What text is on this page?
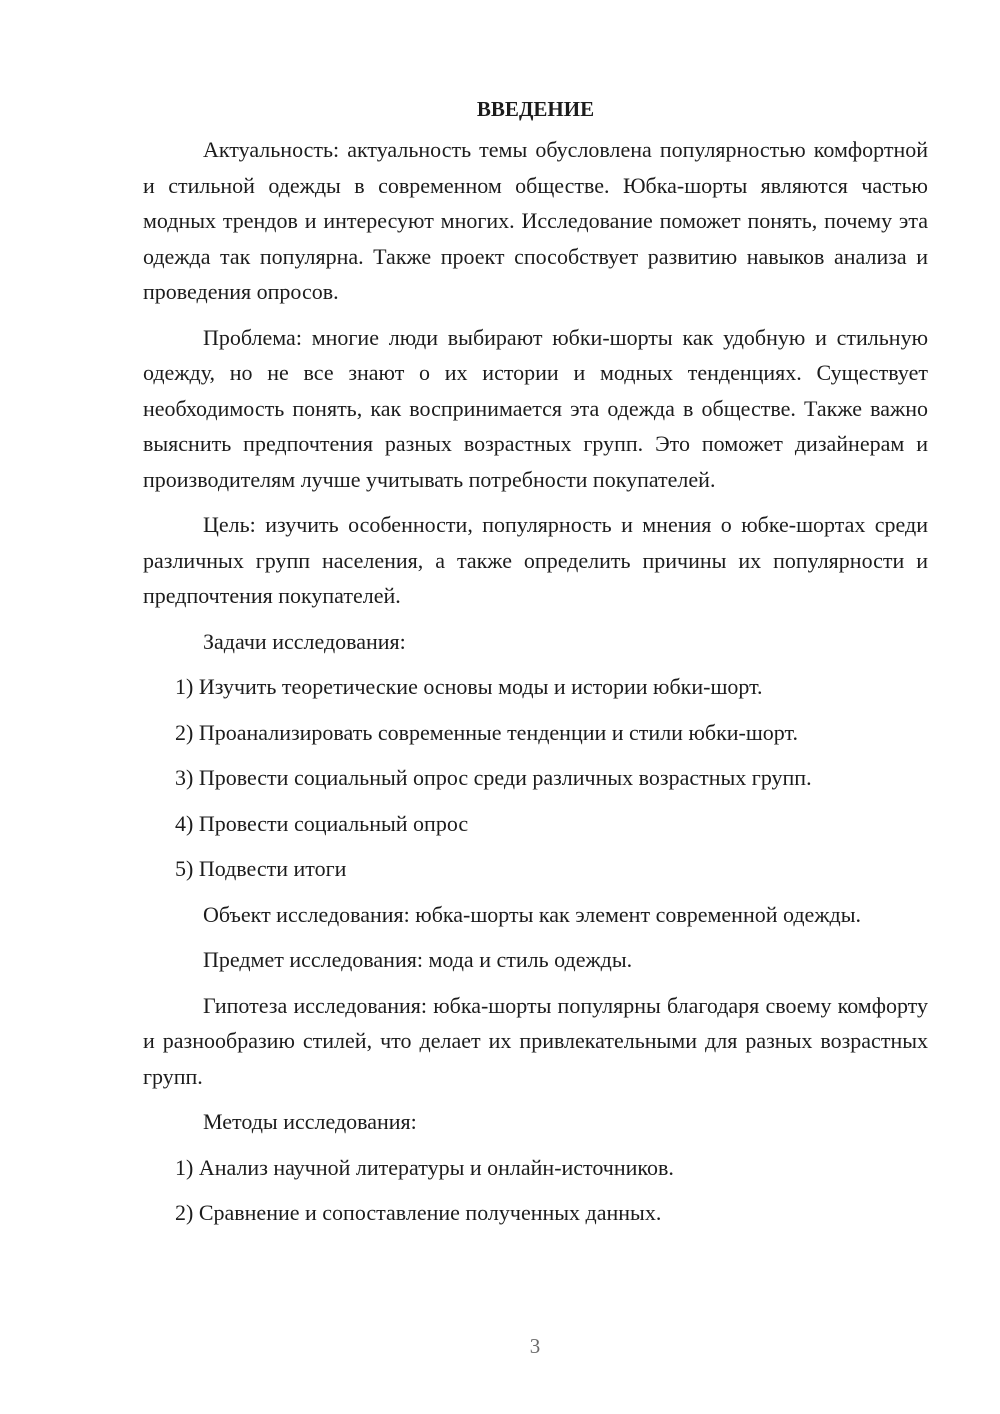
ВВЕДЕНИЕ

Актуальность: актуальность темы обусловлена популярностью комфортной и стильной одежды в современном обществе. Юбка-шорты являются частью модных трендов и интересуют многих. Исследование поможет понять, почему эта одежда так популярна. Также проект способствует развитию навыков анализа и проведения опросов.

Проблема: многие люди выбирают юбки-шорты как удобную и стильную одежду, но не все знают о их истории и модных тенденциях. Существует необходимость понять, как воспринимается эта одежда в обществе. Также важно выяснить предпочтения разных возрастных групп. Это поможет дизайнерам и производителям лучше учитывать потребности покупателей.

Цель: изучить особенности, популярность и мнения о юбке-шортах среди различных групп населения, а также определить причины их популярности и предпочтения покупателей.

Задачи исследования:

1) Изучить теоретические основы моды и истории юбки-шорт.
2) Проанализировать современные тенденции и стили юбки-шорт.
3) Провести социальный опрос среди различных возрастных групп.
4) Провести социальный опрос
5) Подвести итоги

Объект исследования: юбка-шорты как элемент современной одежды.

Предмет исследования: мода и стиль одежды.

Гипотеза исследования: юбка-шорты популярны благодаря своему комфорту и разнообразию стилей, что делает их привлекательными для разных возрастных групп.

Методы исследования:

1) Анализ научной литературы и онлайн-источников.
2) Сравнение и сопоставление полученных данных.
3
